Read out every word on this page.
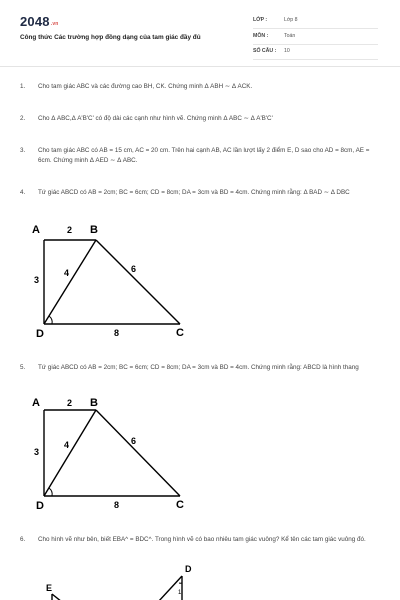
$2048^{.vn}$
Công thức Các trường hợp đồng dạng của tam giác đầy đủ
LỚP :	Lớp 8
MÔN :	Toán
SỐ CÂU : 10
1. Cho tam giác ABC và các đường cao BH, CK. Chứng minh Δ ABH ∼ Δ ACK.
2. Cho Δ ABC,Δ A'B'C' có độ dài các cạnh như hình vẽ. Chứng minh Δ ABC ∼ Δ A'B'C'
3. Cho tam giác ABC có AB = 15 cm, AC = 20 cm. Trên hai cạnh AB, AC lần lượt lấy 2 điểm E, D sao cho AD = 8cm, AE = 6cm. Chứng minh Δ AED ∼ Δ ABC.
4. Tứ giác ABCD có AB = 2cm; BC = 6cm; CD = 8cm; DA = 3cm và BD = 4cm. Chứng minh rằng: Δ BAD ∼ Δ DBC
A	B
C
D
2
3
4	6
8
5. Tứ giác ABCD có AB = 2cm; BC = 6cm; CD = 8cm; DA = 3cm và BD = 4cm. Chứng minh rằng: ABCD là hình thang
A	B
C
D
2
3
4	6
8
6. Cho hình vẽ như bên, biết EBA^ = BDC^. Trong hình vẽ có bao nhiêu tam giác vuông? Kể tên các tam giác vuông đó.
D
E	1
